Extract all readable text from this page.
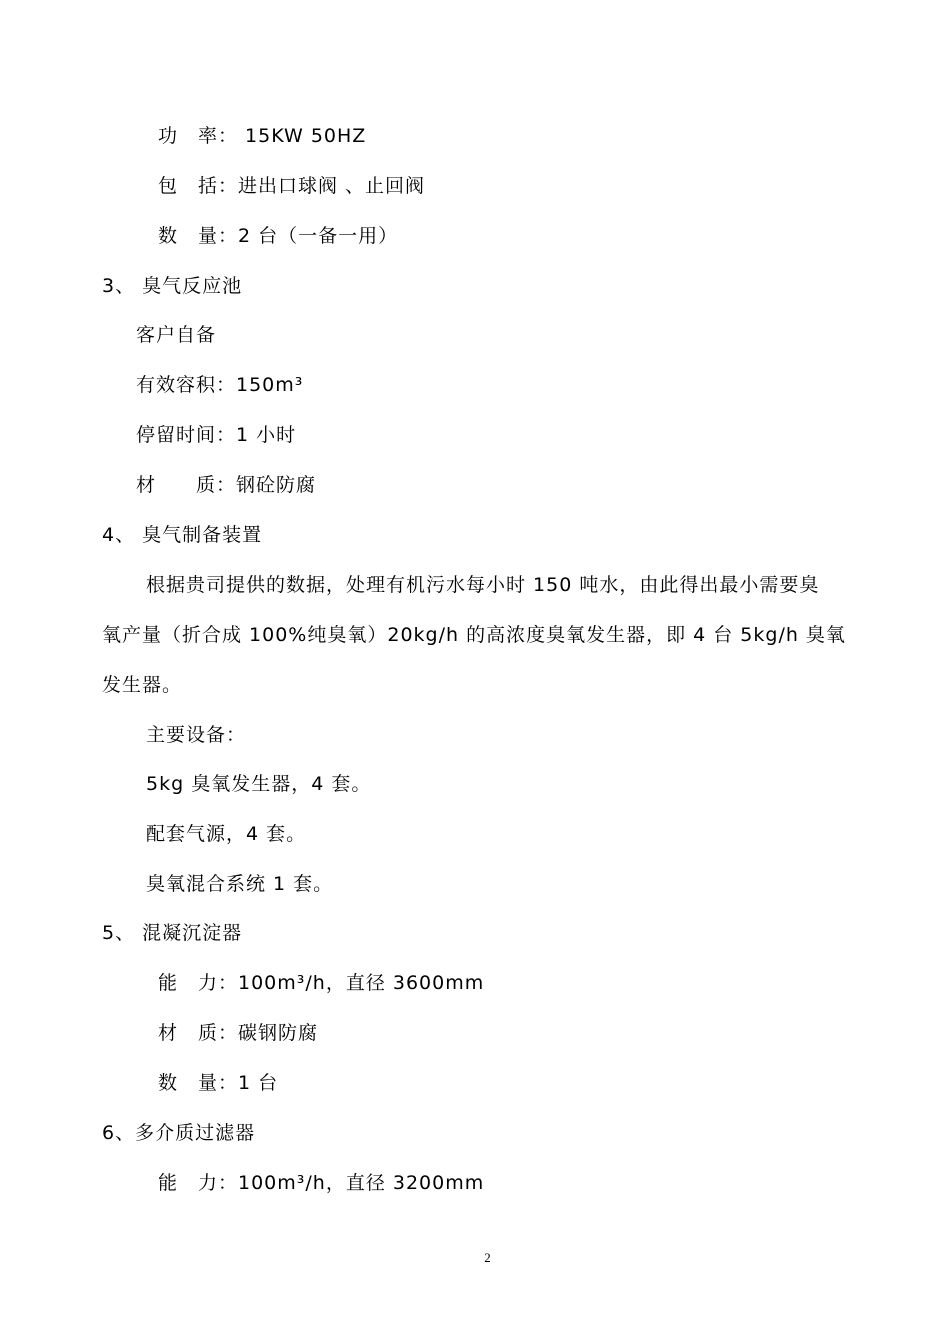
功　率： 15KW 50HZ
包　括：进出口球阀 、止回阀
数　量：2 台（一备一用）
3、 臭气反应池
客户自备
有效容积：150m³
停留时间：1 小时
材　　质：钢砼防腐
4、 臭气制备装置
根据贵司提供的数据，处理有机污水每小时 150 吨水，由此得出最小需要臭
氧产量（折合成 100%纯臭氧）20kg/h 的高浓度臭氧发生器，即 4 台 5kg/h 臭氧
发生器。
主要设备：
5kg 臭氧发生器，4 套。
配套气源，4 套。
臭氧混合系统 1 套。
5、 混凝沉淀器
能　力：100m³/h，直径 3600mm
材　质：碳钢防腐
数　量：1 台
6、多介质过滤器
能　力：100m³/h，直径 3200mm
2
